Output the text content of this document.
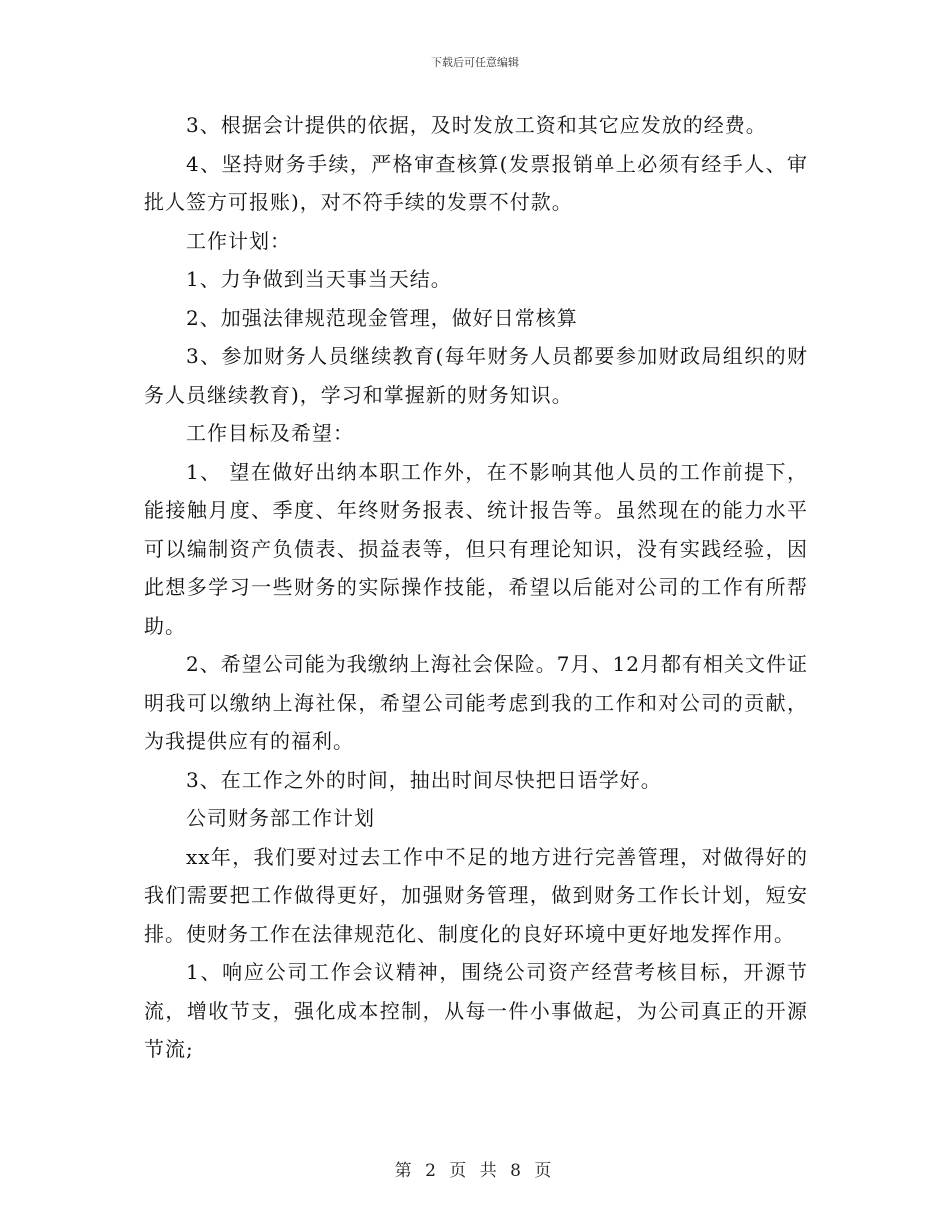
下载后可任意编辑

3、根据会计提供的依据，及时发放工资和其它应发放的经费。

4、坚持财务手续，严格审查核算(发票报销单上必须有经手人、审批人签方可报账)，对不符手续的发票不付款。

工作计划：

1、力争做到当天事当天结。

2、加强法律规范现金管理，做好日常核算

3、参加财务人员继续教育(每年财务人员都要参加财政局组织的财务人员继续教育)，学习和掌握新的财务知识。

工作目标及希望：

1、 望在做好出纳本职工作外，在不影响其他人员的工作前提下，能接触月度、季度、年终财务报表、统计报告等。虽然现在的能力水平可以编制资产负债表、损益表等，但只有理论知识，没有实践经验，因此想多学习一些财务的实际操作技能，希望以后能对公司的工作有所帮助。

2、希望公司能为我缴纳上海社会保险。7月、12月都有相关文件证明我可以缴纳上海社保，希望公司能考虑到我的工作和对公司的贡献，为我提供应有的福利。

3、在工作之外的时间，抽出时间尽快把日语学好。

公司财务部工作计划

xx年，我们要对过去工作中不足的地方进行完善管理，对做得好的我们需要把工作做得更好，加强财务管理，做到财务工作长计划，短安排。使财务工作在法律规范化、制度化的良好环境中更好地发挥作用。

1、响应公司工作会议精神，围绕公司资产经营考核目标，开源节流，增收节支，强化成本控制，从每一件小事做起，为公司真正的开源节流;

第 2 页 共 8 页
